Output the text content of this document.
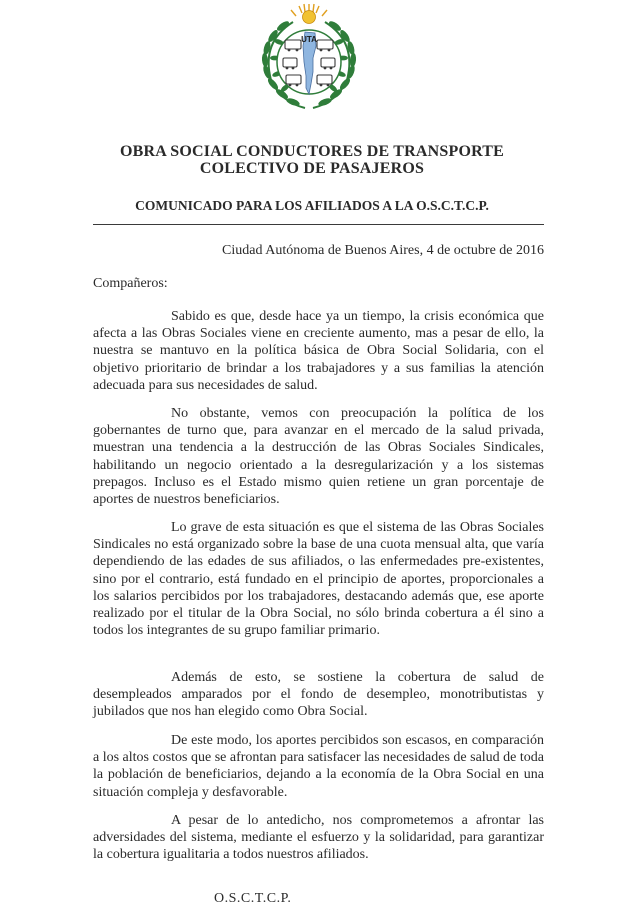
UTA
OBRA SOCIAL CONDUCTORES DE TRANSPORTE
COLECTIVO DE PASAJEROS
COMUNICADO PARA LOS AFILIADOS A LA O.S.C.T.C.P.
Ciudad Autónoma de Buenos Aires, 4 de octubre de 2016
Compañeros:

Sabido es que, desde hace ya un tiempo, la crisis económica que afecta a las Obras Sociales viene en creciente aumento, mas a pesar de ello, la nuestra se mantuvo en la política básica de Obra Social Solidaria, con el objetivo prioritario de brindar a los trabajadores y a sus familias la atención adecuada para sus necesidades de salud.

No obstante, vemos con preocupación la política de los gobernantes de turno que, para avanzar en el mercado de la salud privada, muestran una tendencia a la destrucción de las Obras Sociales Sindicales, habilitando un negocio orientado a la desregularización y a los sistemas prepagos. Incluso es el Estado mismo quien retiene un gran porcentaje de aportes de nuestros beneficiarios.

Lo grave de esta situación es que el sistema de las Obras Sociales Sindicales no está organizado sobre la base de una cuota mensual alta, que varía dependiendo de las edades de sus afiliados, o las enfermedades pre-existentes, sino por el contrario, está fundado en el principio de aportes, proporcionales a los salarios percibidos por los trabajadores, destacando además que, ese aporte realizado por el titular de la Obra Social, no sólo brinda cobertura a él sino a todos los integrantes de su grupo familiar primario.

Además de esto, se sostiene la cobertura de salud de desempleados amparados por el fondo de desempleo, monotributistas y jubilados que nos han elegido como Obra Social.

De este modo, los aportes percibidos son escasos, en comparación a los altos costos que se afrontan para satisfacer las necesidades de salud de toda la población de beneficiarios, dejando a la economía de la Obra Social en una situación compleja y desfavorable.

A pesar de lo antedicho, nos comprometemos a afrontar las adversidades del sistema, mediante el esfuerzo y la solidaridad, para garantizar la cobertura igualitaria a todos nuestros afiliados.

O.S.C.T.C.P.
